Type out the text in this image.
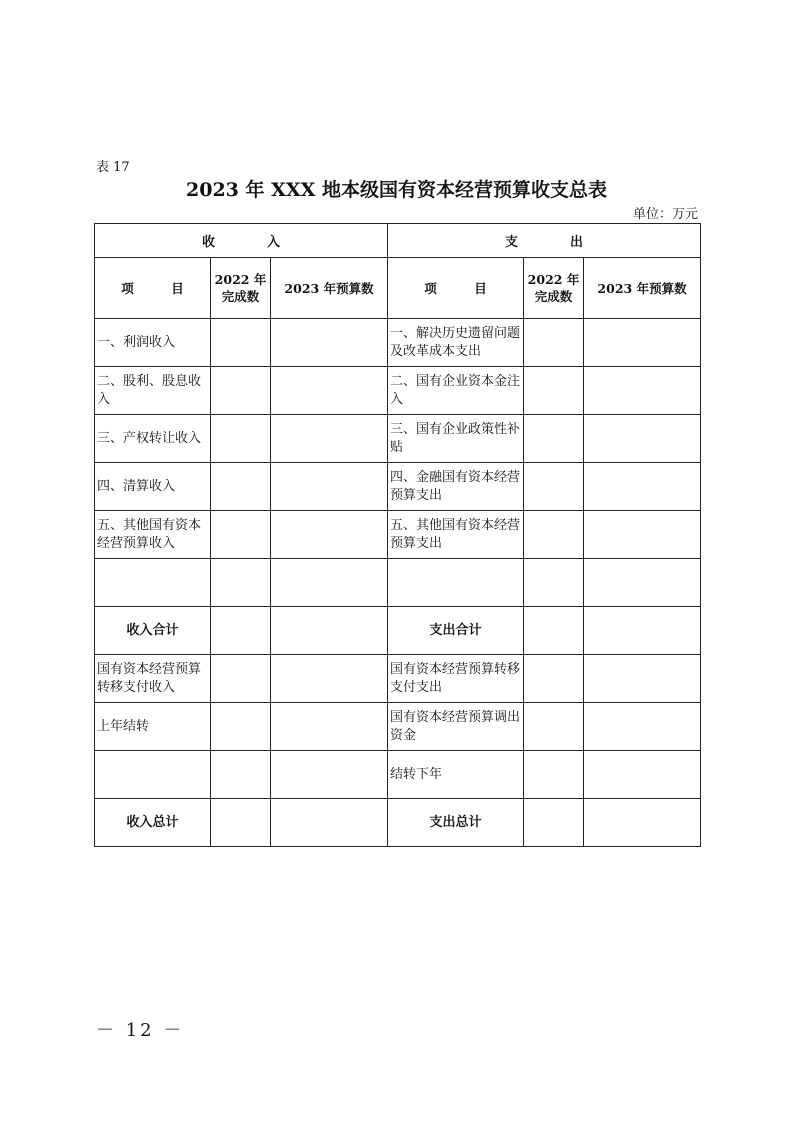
表 17
2023 年 XXX 地本级国有资本经营预算收支总表
单位：万元
收　　　　入			支　　　　出		
项　　　目	2022 年完成数	2023 年预算数	项　　　目	2022 年完成数	2023 年预算数
一、利润收入			一、解决历史遗留问题及改革成本支出		
二、股利、股息收入			二、国有企业资本金注入		
三、产权转让收入			三、国有企业政策性补贴		
四、清算收入			四、金融国有资本经营预算支出		
五、其他国有资本经营预算收入			五、其他国有资本经营预算支出		

收入合计			支出合计		
国有资本经营预算转移支付收入			国有资本经营预算转移支付支出		
上年结转			国有资本经营预算调出资金		
			结转下年		
收入总计			支出总计		
－ 12 －
